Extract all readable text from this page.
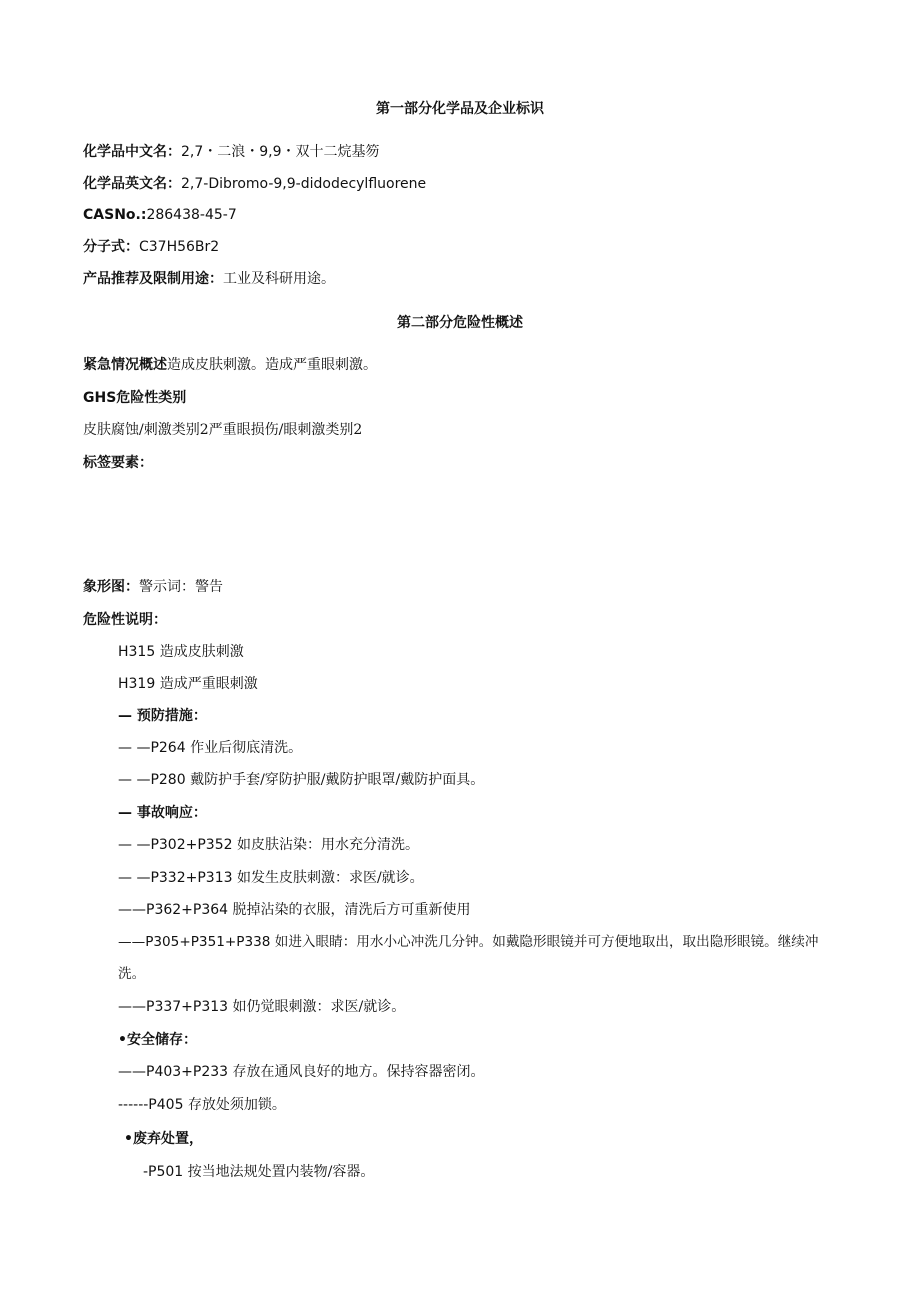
第一部分化学品及企业标识
化学品中文名：2,7・二浪・9,9・双十二烷基笏
化学品英文名：2,7-Dibromo-9,9-didodecylfluorene
CASNo.:286438-45-7
分子式：C37H56Br2
产品推荐及限制用途：工业及科研用途。
第二部分危险性概述
紧急情况概述造成皮肤刺激。造成严重眼刺激。
GHS危险性类别
皮肤腐蚀/刺激类别2严重眼损伤/眼刺激类别2
标签要素：
象形图：警示词：警告
危险性说明：
H315 造成皮肤刺激
H319 造成严重眼刺激
— 预防措施：
— —P264 作业后彻底清洗。
— —P280 戴防护手套/穿防护服/戴防护眼罩/戴防护面具。
— 事故响应：
— —P302+P352 如皮肤沾染：用水充分清洗。
— —P332+P313 如发生皮肤刺激：求医/就诊。
——P362+P364 脱掉沾染的衣服，清洗后方可重新使用
——P305+P351+P338 如进入眼睛：用水小心冲洗几分钟。如戴隐形眼镜并可方便地取出，取出隐形眼镜。继续冲洗。
——P337+P313 如仍觉眼刺激：求医/就诊。
•安全储存：
——P403+P233 存放在通风良好的地方。保持容器密闭。
------P405 存放处须加锁。
•废弃处置，
-P501 按当地法规处置内装物/容器。
